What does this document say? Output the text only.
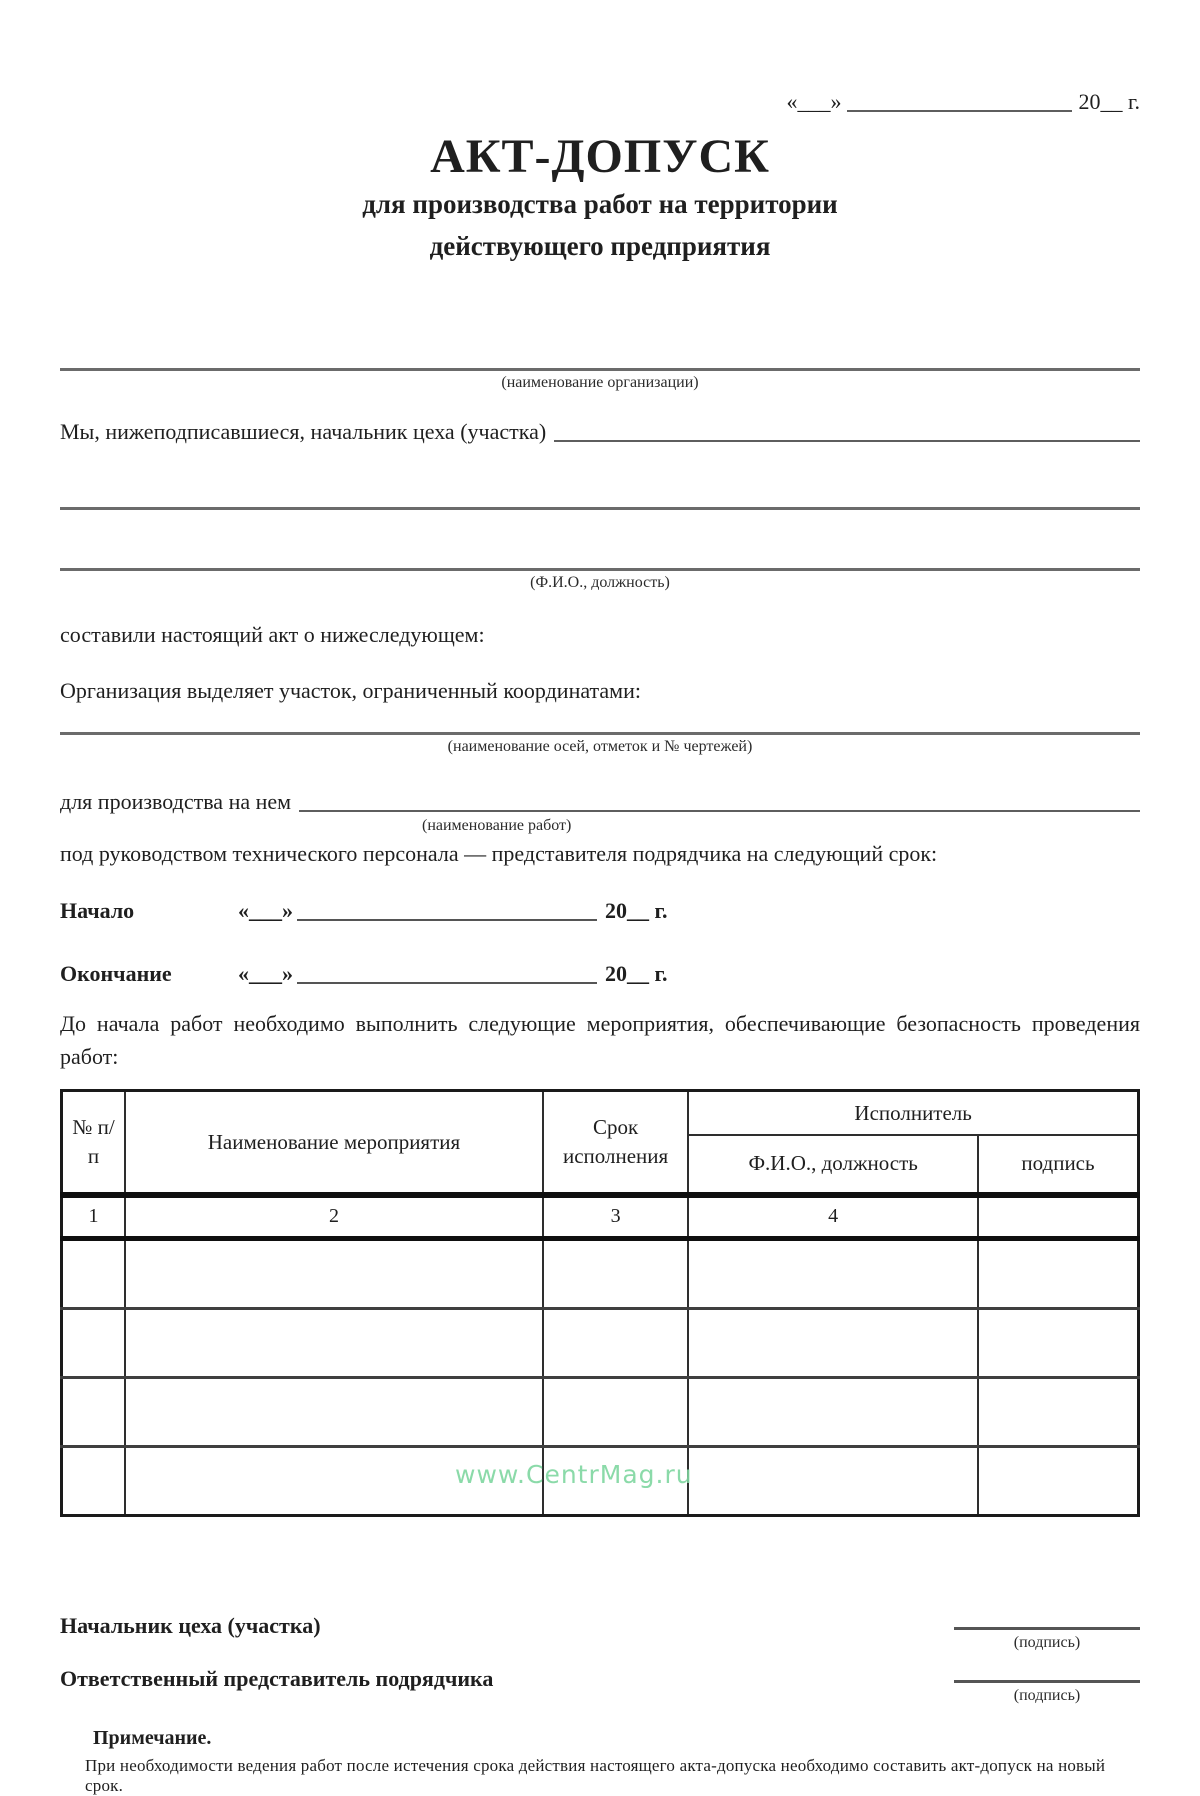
«___»	20__ г.
АКТ-ДОПУСК
для производства работ на территории
действующего предприятия
(наименование организации)
Мы, нижеподписавшиеся, начальник цеха (участка)
(Ф.И.О., должность)
составили настоящий акт о нижеследующем:
Организация выделяет участок, ограниченный координатами:
(наименование осей, отметок и № чертежей)
для производства на нем
(наименование работ)
под руководством технического персонала — представителя подрядчика на следующий срок:
Начало	«___»	20__ г.
Окончание	«___»	20__ г.
До начала работ необходимо выполнить следующие мероприятия, обеспечивающие безопасность проведения работ:
№ п/п	Наименование мероприятия	Срок исполнения	Исполнитель	
			Ф.И.О., должность	подпись
1	2	3	4	

Начальник цеха (участка)
(подпись)
Ответственный представитель подрядчика
(подпись)
Примечание.
При необходимости ведения работ после истечения срока действия настоящего акта-допуска необходимо составить акт-допуск на новый срок.
www.CentrMag.ru
